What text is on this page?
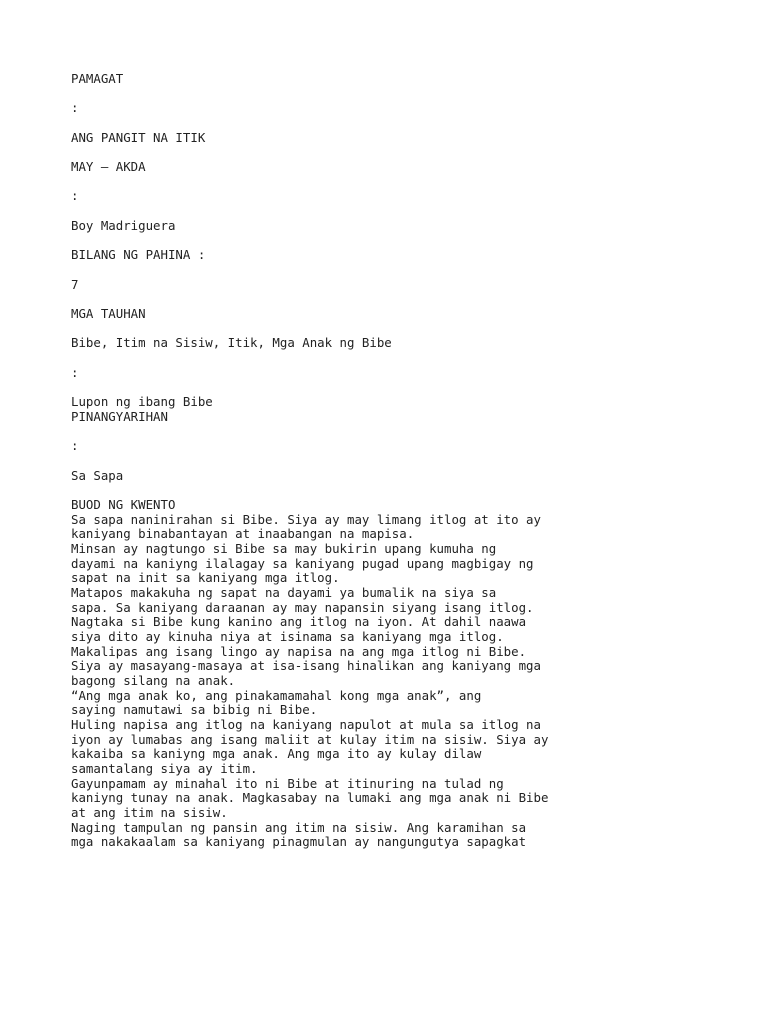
PAMAGAT

:

ANG PANGIT NA ITIK

MAY – AKDA

:

Boy Madriguera

BILANG NG PAHINA :

7

MGA TAUHAN

Bibe, Itim na Sisiw, Itik, Mga Anak ng Bibe

:

Lupon ng ibang Bibe

PINANGYARIHAN

:

Sa Sapa

BUOD NG KWENTO

Sa sapa naninirahan si Bibe. Siya ay may limang itlog at ito ay

kaniyang binabantayan at inaabangan na mapisa.

Minsan ay nagtungo si Bibe sa may bukirin upang kumuha ng

dayami na kaniyng ilalagay sa kaniyang pugad upang magbigay ng

sapat na init sa kaniyang mga itlog.

Matapos makakuha ng sapat na dayami ya bumalik na siya sa

sapa. Sa kaniyang daraanan ay may napansin siyang isang itlog.

Nagtaka si Bibe kung kanino ang itlog na iyon. At dahil naawa

siya dito ay kinuha niya at isinama sa kaniyang mga itlog.

Makalipas ang isang lingo ay napisa na ang mga itlog ni Bibe.

Siya ay masayang-masaya at isa-isang hinalikan ang kaniyang mga

bagong silang na anak.

“Ang mga anak ko, ang pinakamamahal kong mga anak”, ang

saying namutawi sa bibig ni Bibe.

Huling napisa ang itlog na kaniyang napulot at mula sa itlog na

iyon ay lumabas ang isang maliit at kulay itim na sisiw. Siya ay

kakaiba sa kaniyng mga anak. Ang mga ito ay kulay dilaw

samantalang siya ay itim.

Gayunpamam ay minahal ito ni Bibe at itinuring na tulad ng

kaniyng tunay na anak. Magkasabay na lumaki ang mga anak ni Bibe

at ang itim na sisiw.

Naging tampulan ng pansin ang itim na sisiw. Ang karamihan sa

mga nakakaalam sa kaniyang pinagmulan ay nangungutya sapagkat
